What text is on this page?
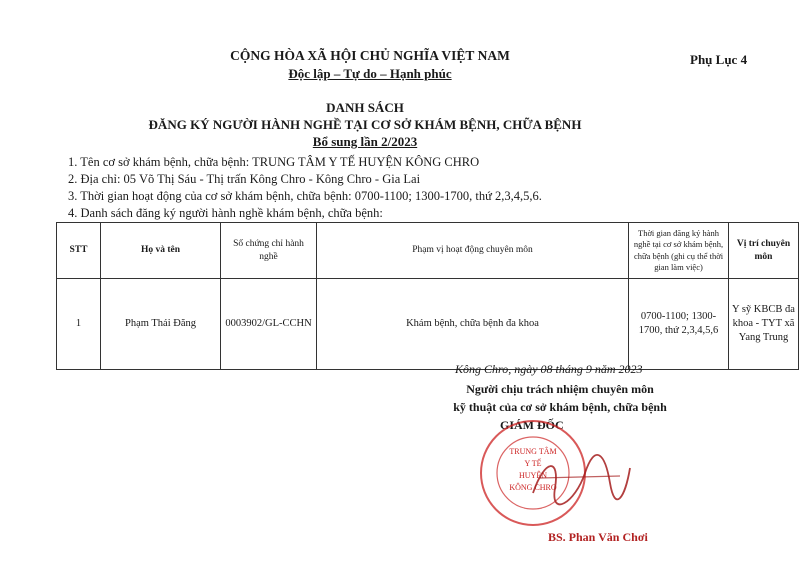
CỘNG HÒA XÃ HỘI CHỦ NGHĨA VIỆT NAM
Độc lập – Tự do – Hạnh phúc
Phụ Lục 4
DANH SÁCH
ĐĂNG KÝ NGƯỜI HÀNH NGHỀ TẠI CƠ SỞ KHÁM BỆNH, CHỮA BỆNH
Bổ sung lần 2/2023
1. Tên cơ sở khám bệnh, chữa bệnh: TRUNG TÂM Y TẾ HUYỆN KÔNG CHRO
2. Địa chỉ: 05 Võ Thị Sáu - Thị trấn Kông Chro - Kông Chro - Gia Lai
3. Thời gian hoạt động của cơ sở khám bệnh, chữa bệnh: 0700-1100; 1300-1700, thứ 2,3,4,5,6.
4. Danh sách đăng ký người hành nghề khám bệnh, chữa bệnh:
STT	Họ và tên	Số chứng chỉ hành nghề	Phạm vị hoạt động chuyên môn	Thời gian đăng ký hành nghề tại cơ sở khám bệnh, chữa bệnh (ghi cụ thể thời gian làm việc)	Vị trí chuyên môn
1	Phạm Thái Đăng	0003902/GL-CCHN	Khám bệnh, chữa bệnh đa khoa	0700-1100; 1300-1700, thứ 2,3,4,5,6	Y sỹ KBCB đa khoa - TYT xã Yang Trung
Kông Chro, ngày 08 tháng 9 năm 2023
Người chịu trách nhiệm chuyên môn
kỹ thuật của cơ sở khám bệnh, chữa bệnh
GIÁM ĐỐC
TRUNG TÂM
Y TẾ
HUYỆN
KÔNG CHRO
BS. Phan Văn Chơi
